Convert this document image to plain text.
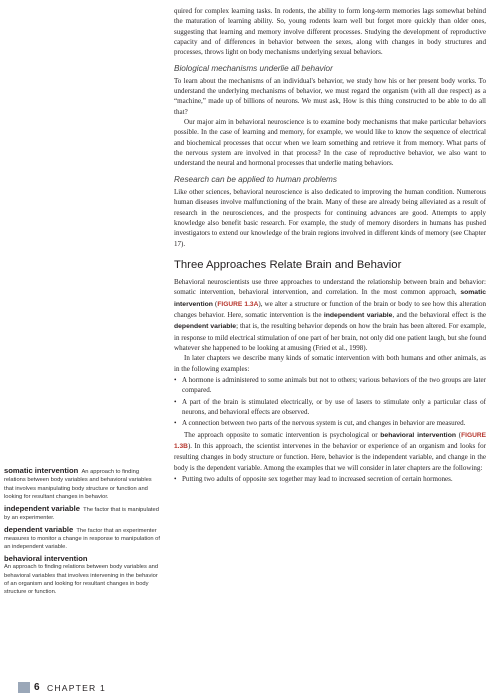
quired for complex learning tasks. In rodents, the ability to form long-term memories lags somewhat behind the maturation of learning ability. So, young rodents learn well but forget more quickly than older ones, suggesting that learning and memory involve different processes. Studying the development of reproductive capacity and of differences in behavior between the sexes, along with changes in body structures and processes, throws light on body mechanisms underlying sexual behaviors.

Biological mechanisms underlie all behavior

To learn about the mechanisms of an individual's behavior, we study how his or her present body works. To understand the underlying mechanisms of behavior, we must regard the organism (with all due respect) as a “machine,” made up of billions of neurons. We must ask, How is this thing constructed to be able to do all that?

Our major aim in behavioral neuroscience is to examine body mechanisms that make particular behaviors possible. In the case of learning and memory, for example, we would like to know the sequence of electrical and biochemical processes that occur when we learn something and retrieve it from memory. What parts of the nervous system are involved in that process? In the case of reproductive behavior, we also want to understand the neural and hormonal processes that underlie mating behaviors.

Research can be applied to human problems

Like other sciences, behavioral neuroscience is also dedicated to improving the human condition. Numerous human diseases involve malfunctioning of the brain. Many of these are already being alleviated as a result of research in the neurosciences, and the prospects for continuing advances are good. Attempts to apply knowledge also benefit basic research. For example, the study of memory disorders in humans has pushed investigators to extend our knowledge of the brain regions involved in different kinds of memory (see Chapter 17).

Three Approaches Relate Brain and Behavior

Behavioral neuroscientists use three approaches to understand the relationship between brain and behavior: somatic intervention, behavioral intervention, and correlation. In the most common approach, somatic intervention (FIGURE 1.3A), we alter a structure or function of the brain or body to see how this alteration changes behavior. Here, somatic intervention is the independent variable, and the behavioral effect is the dependent variable; that is, the resulting behavior depends on how the brain has been altered. For example, in response to mild electrical stimulation of one part of her brain, not only did one patient laugh, but she found whatever she happened to be looking at amusing (Fried et al., 1998).

In later chapters we describe many kinds of somatic intervention with both humans and other animals, as in the following examples:

• A hormone is administered to some animals but not to others; various behaviors of the two groups are later compared.
• A part of the brain is stimulated electrically, or by use of lasers to stimulate only a particular class of neurons, and behavioral effects are observed.
• A connection between two parts of the nervous system is cut, and changes in behavior are measured.

The approach opposite to somatic intervention is psychological or behavioral intervention (FIGURE 1.3B). In this approach, the scientist intervenes in the behavior or experience of an organism and looks for resulting changes in body structure or function. Here, behavior is the independent variable, and change in the body is the dependent variable. Among the examples that we will consider in later chapters are the following:

• Putting two adults of opposite sex together may lead to increased secretion of certain hormones.
somatic intervention An approach to finding relations between body variables and behavioral variables that involves manipulating body structure or function and looking for resultant changes in behavior.
independent variable The factor that is manipulated by an experimenter.
dependent variable The factor that an experimenter measures to monitor a change in response to manipulation of an independent variable.
behavioral intervention
An approach to finding relations between body variables and behavioral variables that involves intervening in the behavior of an organism and looking for resultant changes in body structure or function.
6 CHAPTER 1
